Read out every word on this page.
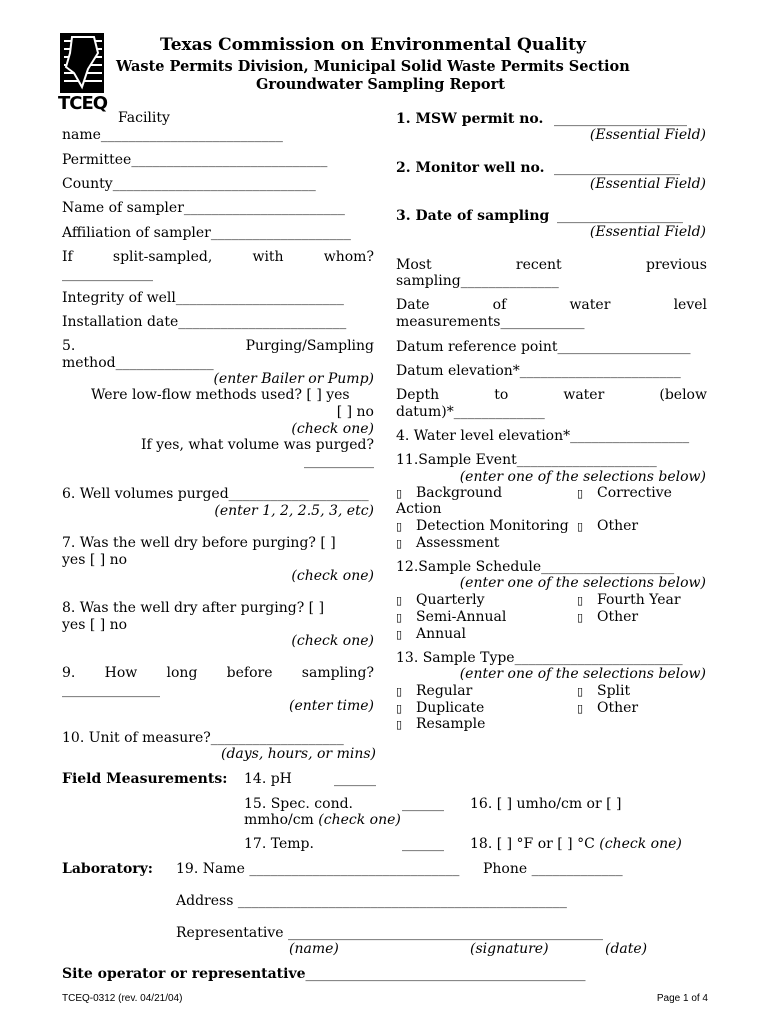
TCEQ
Texas Commission on Environmental Quality
Waste Permits Division, Municipal Solid Waste Permits Section
Groundwater Sampling Report
Facility
name__________________________
Permittee____________________________
County_____________________________
Name of sampler_______________________
Affiliation of sampler____________________
If	split-sampled,	with	whom?
_____________
Integrity of well________________________
Installation date________________________
5.	Purging/Sampling
method______________
(enter Bailer or Pump)
Were low-flow methods used? [ ] yes
[ ] no
(check one)
If yes, what volume was purged?
__________
6. Well volumes purged____________________
(enter 1, 2, 2.5, 3, etc)
7. Was the well dry before purging? [ ]
yes [ ] no
(check one)
8. Was the well dry after purging? [ ]
yes [ ] no
(check one)
9. How long before sampling?
______________
(enter time)
10. Unit of measure?___________________
(days, hours, or mins)
1. MSW permit no. ___________________
(Essential Field)
2. Monitor well no. __________________
(Essential Field)
3. Date of sampling __________________
(Essential Field)
Most	recent	previous
sampling______________
Date	of	water	level
measurements____________
Datum reference point___________________
Datum elevation*_______________________
Depth	to	water	(below
datum)*_____________
4. Water level elevation*_________________
11.Sample Event____________________
(enter one of the selections below)
▯ Background	▯ Corrective
Action
▯ Detection Monitoring ▯ Other
▯ Assessment
12.Sample Schedule___________________
(enter one of the selections below)
▯ Quarterly	▯ Fourth Year
▯ Semi-Annual	▯ Other
▯ Annual
13. Sample Type________________________
(enter one of the selections below)
▯ Regular	▯ Split
▯ Duplicate	▯ Other
▯ Resample
Field Measurements: 14. pH	______
15. Spec. cond.	______ 16. [ ] umho/cm or [ ]
mmho/cm (check one)
17. Temp.	______ 18. [ ] °F or [ ] °C (check one)
Laboratory: 19. Name ______________________________ Phone _____________
Address _______________________________________________
Representative _____________________________________________
(name)	(signature)	(date)
Site operator or representative________________________________________
TCEQ-0312 (rev. 04/21/04)	Page 1 of 4
